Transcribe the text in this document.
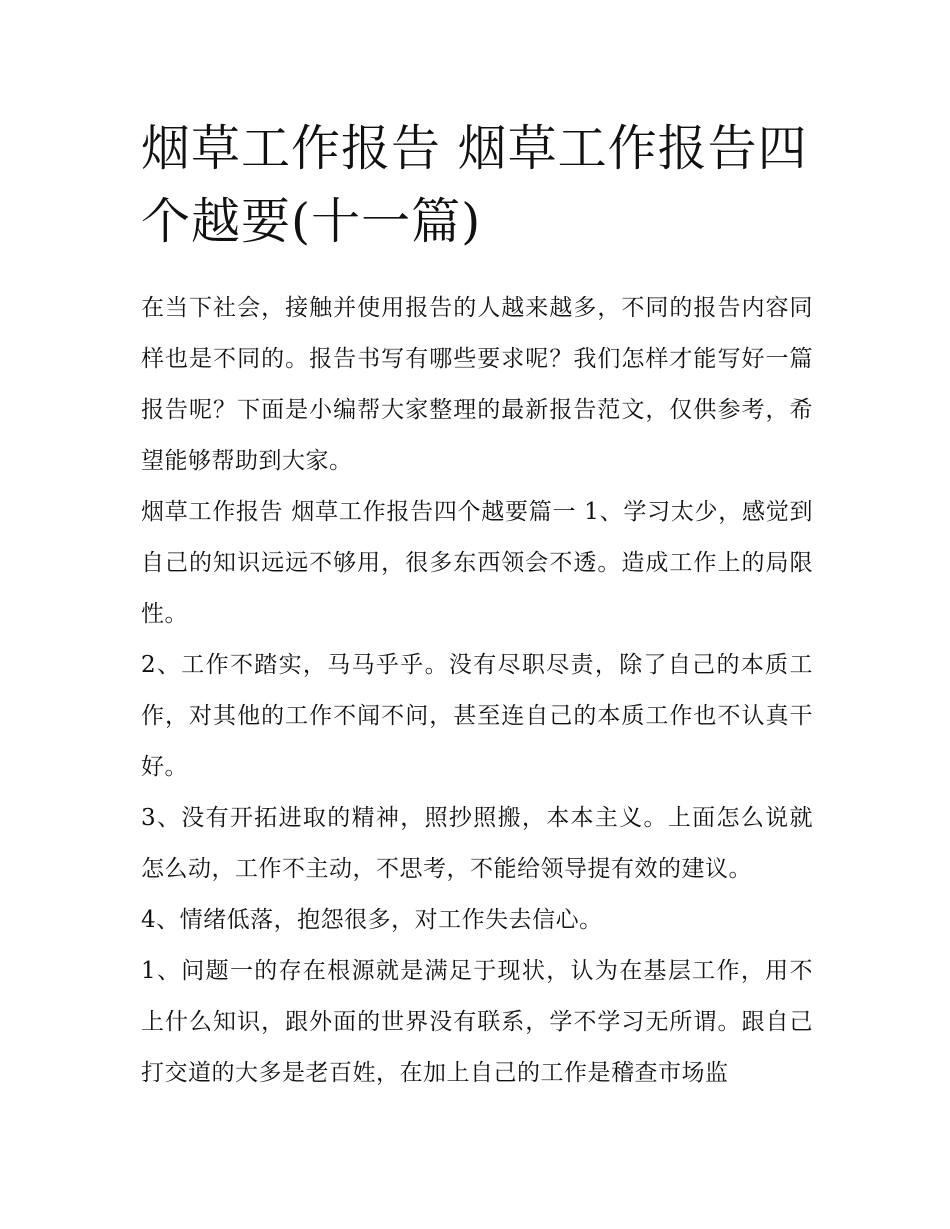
烟草工作报告 烟草工作报告四个越要(十一篇)

在当下社会，接触并使用报告的人越来越多，不同的报告内容同样也是不同的。报告书写有哪些要求呢？我们怎样才能写好一篇报告呢？下面是小编帮大家整理的最新报告范文，仅供参考，希望能够帮助到大家。

烟草工作报告 烟草工作报告四个越要篇一 1、学习太少，感觉到自己的知识远远不够用，很多东西领会不透。造成工作上的局限性。

2、工作不踏实，马马乎乎。没有尽职尽责，除了自己的本质工作，对其他的工作不闻不问，甚至连自己的本质工作也不认真干好。

3、没有开拓进取的精神，照抄照搬，本本主义。上面怎么说就怎么动，工作不主动，不思考，不能给领导提有效的建议。

4、情绪低落，抱怨很多，对工作失去信心。

1、问题一的存在根源就是满足于现状，认为在基层工作，用不上什么知识，跟外面的世界没有联系，学不学习无所谓。跟自己打交道的大多是老百姓，在加上自己的工作是稽查市场监
